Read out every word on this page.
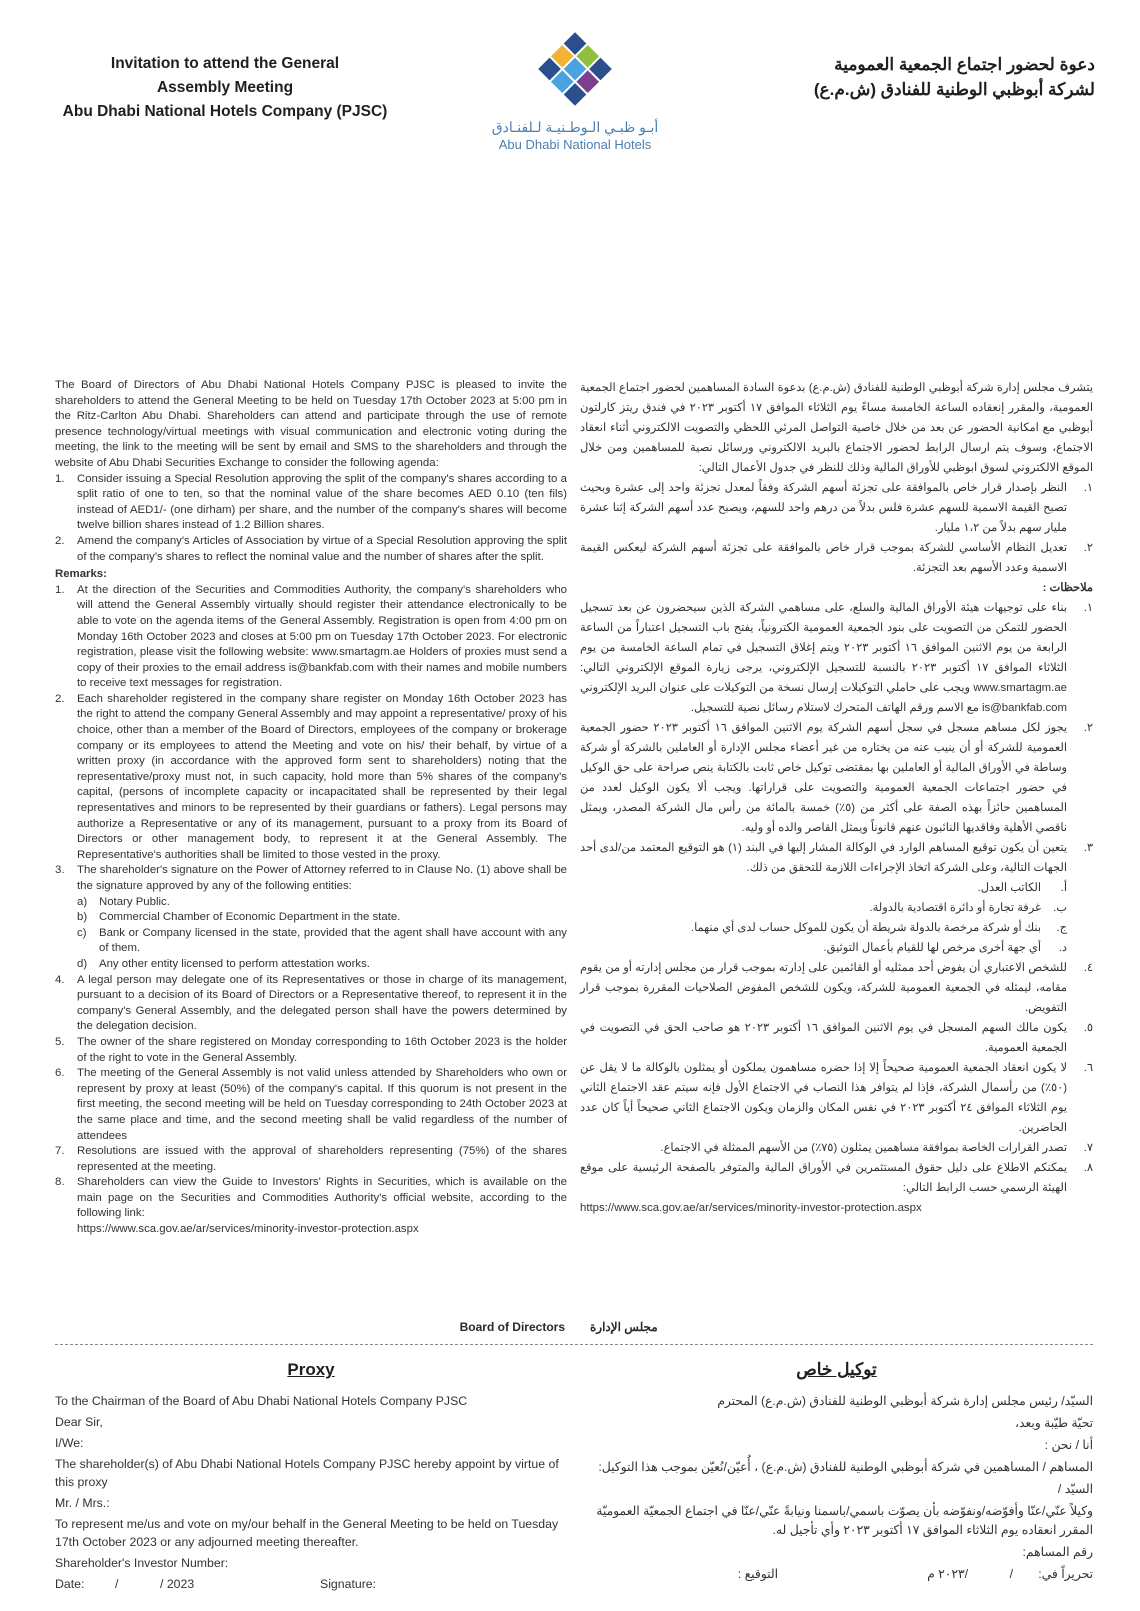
Invitation to attend the General
Assembly Meeting
Abu Dhabi National Hotels Company (PJSC)
أبـو ظبـي الـوطـنيـة لـلفنـادق
Abu Dhabi National Hotels
دعوة لحضور اجتماع الجمعية العمومية
لشركة أبوظبي الوطنية للفنادق (ش.م.ع)

The Board of Directors of Abu Dhabi National Hotels Company PJSC is pleased to invite the shareholders to attend the General Meeting to be held on Tuesday 17th October 2023 at 5:00 pm in the Ritz-Carlton Abu Dhabi. Shareholders can attend and participate through the use of remote presence technology/virtual meetings with visual communication and electronic voting during the meeting, the link to the meeting will be sent by email and SMS to the shareholders and through the website of Abu Dhabi Securities Exchange to consider the following agenda:

1. Consider issuing a Special Resolution approving the split of the company's shares according to a split ratio of one to ten, so that the nominal value of the share becomes AED 0.10 (ten fils) instead of AED1/- (one dirham) per share, and the number of the company's shares will become twelve billion shares instead of 1.2 Billion shares.
2. Amend the company's Articles of Association by virtue of a Special Resolution approving the split of the company's shares to reflect the nominal value and the number of shares after the split.
Remarks:
1. At the direction of the Securities and Commodities Authority, the company's shareholders who will attend the General Assembly virtually should register their attendance electronically to be able to vote on the agenda items of the General Assembly. Registration is open from 4:00 pm on Monday 16th October 2023 and closes at 5:00 pm on Tuesday 17th October 2023. For electronic registration, please visit the following website: www.smartagm.ae Holders of proxies must send a copy of their proxies to the email address is@bankfab.com with their names and mobile numbers to receive text messages for registration.
2. Each shareholder registered in the company share register on Monday 16th October 2023 has the right to attend the company General Assembly and may appoint a representative/ proxy of his choice, other than a member of the Board of Directors, employees of the company or brokerage company or its employees to attend the Meeting and vote on his/ their behalf, by virtue of a written proxy (in accordance with the approved form sent to shareholders) noting that the representative/proxy must not, in such capacity, hold more than 5% shares of the company's capital, (persons of incomplete capacity or incapacitated shall be represented by their legal representatives and minors to be represented by their guardians or fathers). Legal persons may authorize a Representative or any of its management, pursuant to a proxy from its Board of Directors or other management body, to represent it at the General Assembly. The Representative's authorities shall be limited to those vested in the proxy.
3. The shareholder's signature on the Power of Attorney referred to in Clause No. (1) above shall be the signature approved by any of the following entities:
a) Notary Public.
b) Commercial Chamber of Economic Department in the state.
c) Bank or Company licensed in the state, provided that the agent shall have account with any of them.
d) Any other entity licensed to perform attestation works.
4. A legal person may delegate one of its Representatives or those in charge of its management, pursuant to a decision of its Board of Directors or a Representative thereof, to represent it in the company's General Assembly, and the delegated person shall have the powers determined by the delegation decision.
5. The owner of the share registered on Monday corresponding to 16th October 2023 is the holder of the right to vote in the General Assembly.
6. The meeting of the General Assembly is not valid unless attended by Shareholders who own or represent by proxy at least (50%) of the company's capital. If this quorum is not present in the first meeting, the second meeting will be held on Tuesday corresponding to 24th October 2023 at the same place and time, and the second meeting shall be valid regardless of the number of attendees
7. Resolutions are issued with the approval of shareholders representing (75%) of the shares represented at the meeting.
8. Shareholders can view the Guide to Investors' Rights in Securities, which is available on the main page on the Securities and Commodities Authority's official website, according to the following link:
https://www.sca.gov.ae/ar/services/minority-investor-protection.aspx

يتشرف مجلس إدارة شركة أبوظبي الوطنية للفنادق (ش.م.ع) بدعوة السادة المساهمين لحضور اجتماع الجمعية العمومية، والمقرر إنعقاده الساعة الخامسة مساءً يوم الثلاثاء الموافق ١٧ أكتوبر ٢٠٢٣ في فندق ريتز كارلتون أبوظبي مع امكانية الحضور عن بعد من خلال خاصية التواصل المرئي اللحظي والتصويت الالكتروني أثناء انعقاد الاجتماع، وسوف يتم ارسال الرابط لحضور الاجتماع بالبريد الالكتروني ورسائل نصية للمساهمين ومن خلال الموقع الالكتروني لسوق ابوظبي للأوراق المالية وذلك للنظر في جدول الأعمال التالي:

١.
النظر بإصدار قرار خاص بالموافقة على تجزئة أسهم الشركة وفقاً لمعدل تجزئة واحد إلى عشرة وبحيث تصبح القيمة الاسمية للسهم عشرة فلس بدلاً من درهم واحد للسهم، ويصبح عدد أسهم الشركة إثنا عشرة مليار سهم بدلاً من ١،٢ مليار.
٢.
تعديل النظام الأساسي للشركة بموجب قرار خاص بالموافقة على تجزئة أسهم الشركة ليعكس القيمة الاسمية وعدد الأسهم بعد التجزئة.
ملاحظات :
١.
بناء على توجيهات هيئة الأوراق المالية والسلع، على مساهمي الشركة الذين سيحضرون عن بعد تسجيل الحضور للتمكن من التصويت على بنود الجمعية العمومية الكترونياً، يفتح باب التسجيل اعتباراً من الساعة الرابعة من يوم الاثنين الموافق ١٦ أكتوبر ٢٠٢٣ ويتم إغلاق التسجيل في تمام الساعة الخامسة من يوم الثلاثاء الموافق ١٧ أكتوبر ٢٠٢٣ بالنسبة للتسجيل الإلكتروني، يرجى زيارة الموقع الإلكتروني التالي: www.smartagm.ae ويجب على حاملي التوكيلات إرسال نسخة من التوكيلات على عنوان البريد الإلكتروني is@bankfab.com مع الاسم ورقم الهاتف المتحرك لاستلام رسائل نصية للتسجيل.
٢.
يجوز لكل مساهم مسجل في سجل أسهم الشركة يوم الاثنين الموافق ١٦ أكتوبر ٢٠٢٣ حضور الجمعية العمومية للشركة أو أن ينيب عنه من يختاره من غير أعضاء مجلس الإدارة أو العاملين بالشركة أو شركة وساطة في الأوراق المالية أو العاملين بها بمقتضى توكيل خاص ثابت بالكتابة ينص صراحة على حق الوكيل في حضور اجتماعات الجمعية العمومية والتصويت على قراراتها. ويجب ألا يكون الوكيل لعدد من المساهمين حائزاً بهذه الصفة على أكثر من (٥٪) خمسة بالمائة من رأس مال الشركة المصدر، ويمثل ناقصي الأهلية وفاقديها النائبون عنهم قانوناً ويمثل القاصر والده أو وليه.
٣.
يتعين أن يكون توقيع المساهم الوارد في الوكالة المشار إليها في البند (١) هو التوقيع المعتمد من/لدى أحد الجهات التالية، وعلى الشركة اتخاذ الإجراءات اللازمة للتحقق من ذلك.
أ.
الكاتب العدل.
ب.
غرفة تجارة أو دائرة اقتصادية بالدولة.
ج.
بنك أو شركة مرخصة بالدولة شريطة أن يكون للموكل حساب لدى أي منهما.
د.
أي جهة أخرى مرخص لها للقيام بأعمال التوثيق.
٤.
للشخص الاعتباري أن يفوض أحد ممثليه أو القائمين على إدارته بموجب قرار من مجلس إدارته أو من يقوم مقامه، ليمثله في الجمعية العمومية للشركة، ويكون للشخص المفوض الصلاحيات المقررة بموجب قرار التفويض.
٥.
يكون مالك السهم المسجل في يوم الاثنين الموافق ١٦ أكتوبر ٢٠٢٣ هو صاحب الحق في التصويت في الجمعية العمومية.
٦.
لا يكون انعقاد الجمعية العمومية صحيحاً إلا إذا حضره مساهمون يملكون أو يمثلون بالوكالة ما لا يقل عن (٥٠٪) من رأسمال الشركة، فإذا لم يتوافر هذا النصاب في الاجتماع الأول فإنه سيتم عقد الاجتماع الثاني يوم الثلاثاء الموافق ٢٤ أكتوبر ٢٠٢٣ في نفس المكان والزمان ويكون الاجتماع الثاني صحيحاً أياً كان عدد الحاضرين.
٧.
تصدر القرارات الخاصة بموافقة مساهمين يمثلون (٧٥٪) من الأسهم الممثلة في الاجتماع.
٨.
يمكنكم الاطلاع على دليل حقوق المستثمرين في الأوراق المالية والمتوفر بالصفحة الرئيسية على موقع الهيئة الرسمي حسب الرابط التالي:
https://www.sca.gov.ae/ar/services/minority-investor-protection.aspx
Board of Directors مجلس الإدارة
Proxy

To the Chairman of the Board of Abu Dhabi National Hotels Company PJSC

Dear Sir,

I/We:

The shareholder(s) of Abu Dhabi National Hotels Company PJSC hereby appoint by virtue of this proxy

Mr. / Mrs.:

To represent me/us and vote on my/our behalf in the General Meeting to be held on Tuesday 17th October 2023 or any adjourned meeting thereafter.

Shareholder's Investor Number:

Date:	/	/ 2023	Signature:
توكيل خاص

السيّد/ رئيس مجلس إدارة شركة أبوظبي الوطنية للفنادق (ش.م.ع) المحترم

تحيّة طيّبة وبعد،

أنا / نحن :

المساهم / المساهمين في شركة أبوظبي الوطنية للفنادق (ش.م.ع) ، أُعيّن/نُعيّن بموجب هذا التوكيل:

السيّد /

وكيلاً عنّي/عنّا وأفوّضه/ونفوّضه بأن يصوّت باسمي/باسمنا ونيابةً عنّي/عنّا في اجتماع الجمعيّة العموميّة المقرر انعقاده يوم الثلاثاء الموافق ١٧ أكتوبر ٢٠٢٣ وأي تأجيل له.

رقم المساهم:

تحريراً في:
/
/٢٠٢٣ م
التوقيع :
